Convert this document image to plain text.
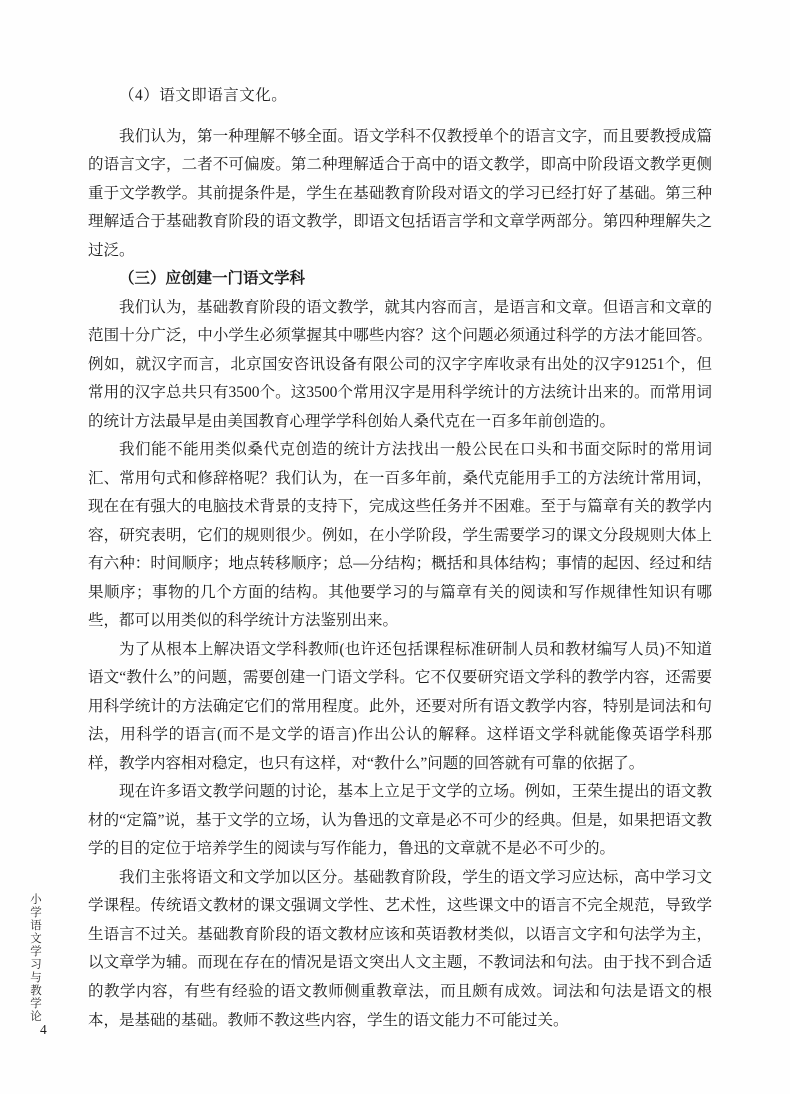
小学语文学习与教学论
4

（4）语文即语言文化。

我们认为，第一种理解不够全面。语文学科不仅教授单个的语言文字，而且要教授成篇的语言文字，二者不可偏废。第二种理解适合于高中的语文教学，即高中阶段语文教学更侧重于文学教学。其前提条件是，学生在基础教育阶段对语文的学习已经打好了基础。第三种理解适合于基础教育阶段的语文教学，即语文包括语言学和文章学两部分。第四种理解失之过泛。

（三）应创建一门语文学科

我们认为，基础教育阶段的语文教学，就其内容而言，是语言和文章。但语言和文章的范围十分广泛，中小学生必须掌握其中哪些内容？这个问题必须通过科学的方法才能回答。例如，就汉字而言，北京国安咨讯设备有限公司的汉字字库收录有出处的汉字91251个，但常用的汉字总共只有3500个。这3500个常用汉字是用科学统计的方法统计出来的。而常用词的统计方法最早是由美国教育心理学学科创始人桑代克在一百多年前创造的。

我们能不能用类似桑代克创造的统计方法找出一般公民在口头和书面交际时的常用词汇、常用句式和修辞格呢？我们认为，在一百多年前，桑代克能用手工的方法统计常用词，现在在有强大的电脑技术背景的支持下，完成这些任务并不困难。至于与篇章有关的教学内容，研究表明，它们的规则很少。例如，在小学阶段，学生需要学习的课文分段规则大体上有六种：时间顺序；地点转移顺序；总—分结构；概括和具体结构；事情的起因、经过和结果顺序；事物的几个方面的结构。其他要学习的与篇章有关的阅读和写作规律性知识有哪些，都可以用类似的科学统计方法鉴别出来。

为了从根本上解决语文学科教师(也许还包括课程标准研制人员和教材编写人员)不知道语文“教什么”的问题，需要创建一门语文学科。它不仅要研究语文学科的教学内容，还需要用科学统计的方法确定它们的常用程度。此外，还要对所有语文教学内容，特别是词法和句法，用科学的语言(而不是文学的语言)作出公认的解释。这样语文学科就能像英语学科那样，教学内容相对稳定，也只有这样，对“教什么”问题的回答就有可靠的依据了。

现在许多语文教学问题的讨论，基本上立足于文学的立场。例如，王荣生提出的语文教材的“定篇”说，基于文学的立场，认为鲁迅的文章是必不可少的经典。但是，如果把语文教学的目的定位于培养学生的阅读与写作能力，鲁迅的文章就不是必不可少的。

我们主张将语文和文学加以区分。基础教育阶段，学生的语文学习应达标，高中学习文学课程。传统语文教材的课文强调文学性、艺术性，这些课文中的语言不完全规范，导致学生语言不过关。基础教育阶段的语文教材应该和英语教材类似，以语言文字和句法学为主，以文章学为辅。而现在存在的情况是语文突出人文主题，不教词法和句法。由于找不到合适的教学内容，有些有经验的语文教师侧重教章法，而且颇有成效。词法和句法是语文的根本，是基础的基础。教师不教这些内容，学生的语文能力不可能过关。
